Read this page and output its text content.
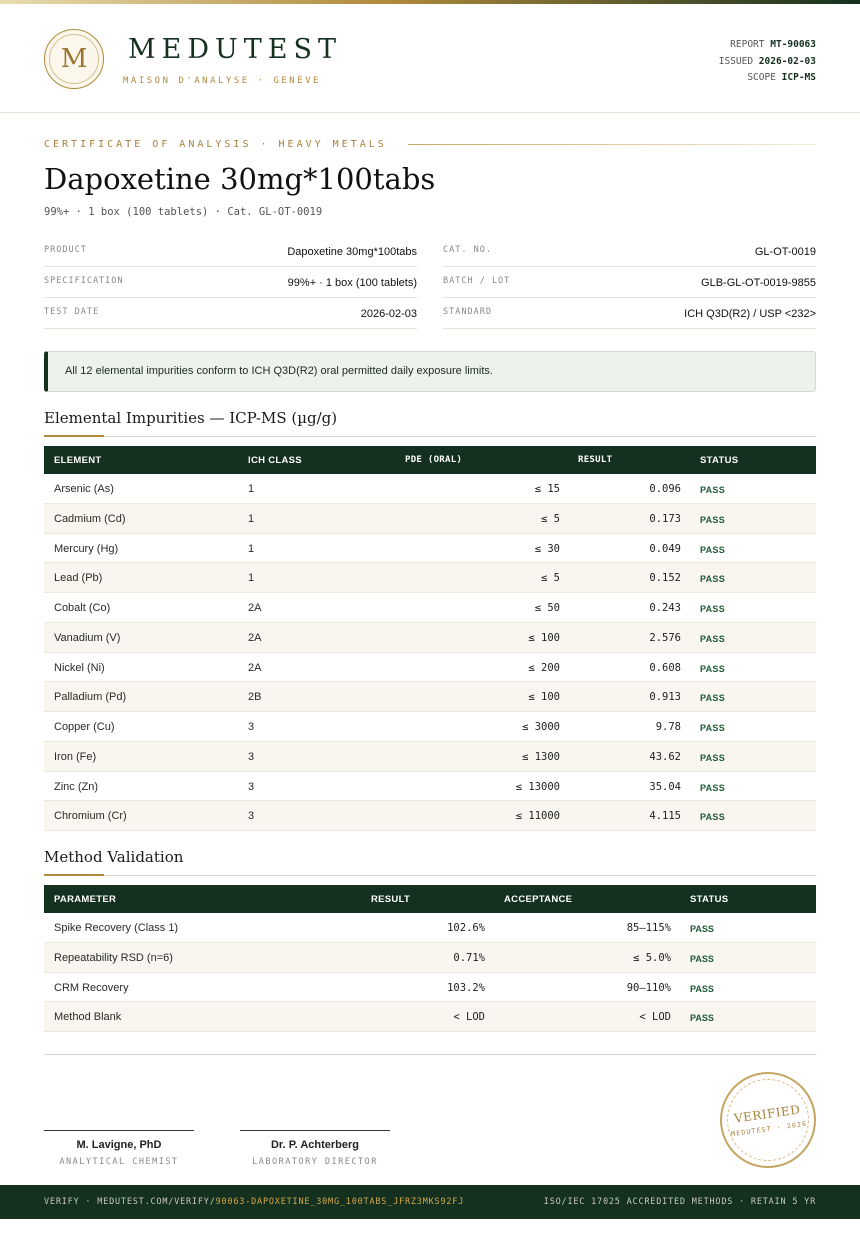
M	MEDUTEST
MAISON D'ANALYSE · GENÈVE
REPORT MT-90063
ISSUED 2026-02-03
SCOPE ICP-MS
CERTIFICATE OF ANALYSIS · HEAVY METALS
Dapoxetine 30mg*100tabs
99%+ · 1 box (100 tablets) · Cat. GL-OT-0019
PRODUCT	Dapoxetine 30mg*100tabs
SPECIFICATION	99%+ · 1 box (100 tablets)
TEST DATE	2026-02-03
CAT. NO.	GL-OT-0019
BATCH / LOT	GLB-GL-OT-0019-9855
STANDARD	ICH Q3D(R2) / USP <232>
All 12 elemental impurities conform to ICH Q3D(R2) oral permitted daily exposure limits.
Elemental Impurities — ICP-MS (µg/g)
ELEMENT	ICH CLASS	PDE (ORAL)	RESULT	STATUS
Arsenic (As)	1	≤ 15	0.096 PASS
Cadmium (Cd)	1	≤ 5	0.173 PASS
Mercury (Hg)	1	≤ 30	0.049 PASS
Lead (Pb)	1	≤ 5	0.152 PASS
Cobalt (Co)	2A	≤ 50	0.243 PASS
Vanadium (V)	2A	≤ 100	2.576 PASS
Nickel (Ni)	2A	≤ 200	0.608 PASS
Palladium (Pd)	2B	≤ 100	0.913 PASS
Copper (Cu)	3	≤ 3000	9.78 PASS
Iron (Fe)	3	≤ 1300	43.62 PASS
Zinc (Zn)	3	≤ 13000	35.04 PASS
Chromium (Cr)	3	≤ 11000	4.115 PASS
Method Validation
PARAMETER	RESULT	ACCEPTANCE	STATUS
Spike Recovery (Class 1)	102.6%	85–115% PASS
Repeatability RSD (n=6)	0.71%	≤ 5.0% PASS
CRM Recovery	103.2%	90–110% PASS
Method Blank	< LOD	< LOD PASS
M. Lavigne, PhD
ANALYTICAL CHEMIST
Dr. P. Achterberg
LABORATORY DIRECTOR
VERIFIED
MEDUTEST · 2026
VERIFY · MEDUTEST.COM/VERIFY/90063-DAPOXETINE_30MG_100TABS_JFRZ3MKS92FJ	ISO/IEC 17025 ACCREDITED METHODS · RETAIN 5 YR
